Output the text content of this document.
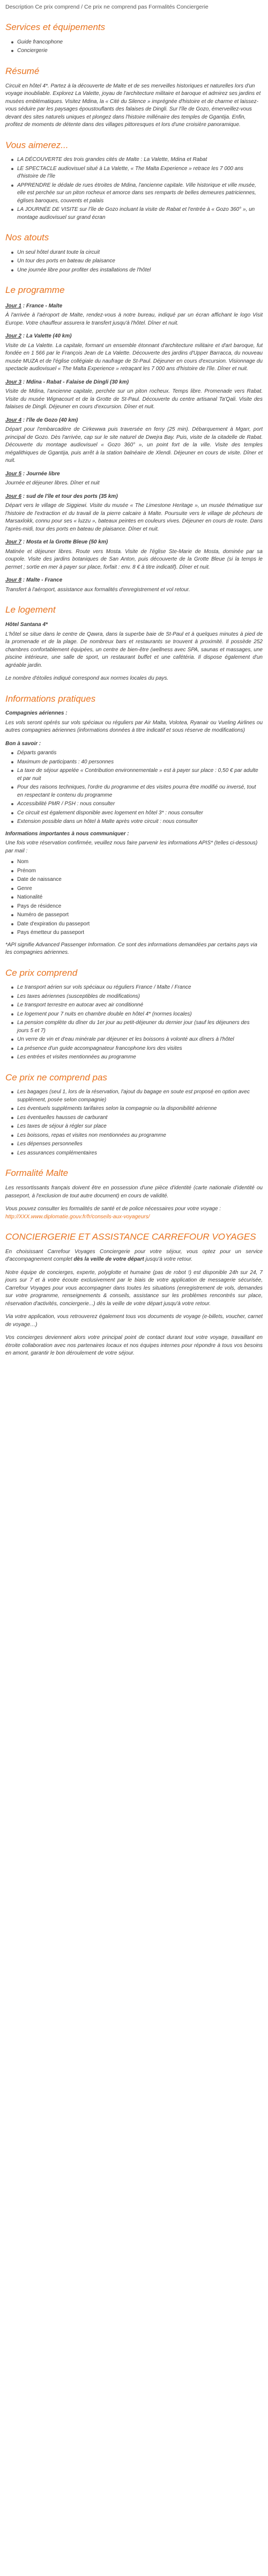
Description Ce prix comprend / Ce prix ne comprend pas Formalités Conciergerie

Services et équipements
Guide francophone
Conciergerie
Résumé

Circuit en hôtel 4*. Partez à la découverte de Malte et de ses merveilles historiques et naturelles lors d'un voyage inoubliable. Explorez La Valette, joyau de l'architecture militaire et baroque et admirez ses jardins et musées emblématiques. Visitez Mdina, la « Cité du Silence » imprégnée d'histoire et de charme et laissez-vous séduire par les paysages époustouflants des falaises de Dingli. Sur l'île de Gozo, émerveillez-vous devant des sites naturels uniques et plongez dans l'histoire millénaire des temples de Ggantija. Enfin, profitez de moments de détente dans des villages pittoresques et lors d'une croisière panoramique.

Vous aimerez...
LA DÉCOUVERTE des trois grandes cités de Malte : La Valette, Mdina et Rabat
LE SPECTACLE audiovisuel situé à La Valette, « The Malta Experience » retrace les 7 000 ans d'histoire de l'île
APPRENDRE le dédale de rues étroites de Mdina, l'ancienne capitale. Ville historique et ville musée, elle est perchée sur un piton rocheux et amorce dans ses remparts de belles demeures patriciennes, églises baroques, couvents et palais
LA JOURNÉE DE VISITE sur l'île de Gozo incluant la visite de Rabat et l'entrée à « Gozo 360° », un montage audiovisuel sur grand écran
Nos atouts
Un seul hôtel durant toute la circuit
Un tour des ports en bateau de plaisance
Une journée libre pour profiter des installations de l'hôtel
Le programme
Jour 1 : France - Malte

À l'arrivée à l'aéroport de Malte, rendez-vous à notre bureau, indiqué par un écran affichant le logo Visit Europe. Votre chauffeur assurera le transfert jusqu'à l'hôtel. Dîner et nuit.

Jour 2 : La Valette (40 km)

Visite de La Valette. La capitale, formant un ensemble étonnant d'architecture militaire et d'art baroque, fut fondée en 1 566 par le François Jean de La Valette. Découverte des jardins d'Upper Barracca, du nouveau musée MUZA et de l'église collégiale du naufrage de St-Paul. Déjeuner en cours d'excursion. Visionnage du spectacle audiovisuel « The Malta Experience » retraçant les 7 000 ans d'histoire de l'île. Dîner et nuit.

Jour 3 : Mdina - Rabat - Falaise de Dingli (30 km)

Visite de Mdina, l'ancienne capitale, perchée sur un piton rocheux. Temps libre. Promenade vers Rabat. Visite du musée Wignacourt et de la Grotte de St-Paul. Découverte du centre artisanal Ta'Qali. Visite des falaises de Dingli. Déjeuner en cours d'excursion. Dîner et nuit.

Jour 4 : l'île de Gozo (40 km)

Départ pour l'embarcadère de Cirkewwa puis traversée en ferry (25 min). Débarquement à Mgarr, port principal de Gozo. Dès l'arrivée, cap sur le site naturel de Dwejra Bay. Puis, visite de la citadelle de Rabat. Découverte du montage audiovisuel « Gozo 360° », un point fort de la ville. Visite des temples mégalithiques de Ggantija, puis arrêt à la station balnéaire de Xlendi. Déjeuner en cours de visite. Dîner et nuit.

Jour 5 : Journée libre

Journée et déjeuner libres. Dîner et nuit

Jour 6 : sud de l'île et tour des ports (35 km)

Départ vers le village de Siggiewi. Visite du musée « The Limestone Heritage », un musée thématique sur l'histoire de l'extraction et du travail de la pierre calcaire à Malte. Poursuite vers le village de pêcheurs de Marsaxlokk, connu pour ses « luzzu », bateaux peintes en couleurs vives. Déjeuner en cours de route. Dans l'après-midi, tour des ports en bateau de plaisance. Dîner et nuit.

Jour 7 : Mosta et la Grotte Bleue (50 km)

Matinée et déjeuner libres. Route vers Mosta. Visite de l'église Ste-Marie de Mosta, dominée par sa coupole. Visite des jardins botaniques de San Anton, puis découverte de la Grotte Bleue (si la temps le permet ; sortie en mer à payer sur place, forfait : env. 8 € à titre indicatif). Dîner et nuit.

Jour 8 : Malte - France

Transfert à l'aéroport, assistance aux formalités d'enregistrement et vol retour.

Le logement
Hôtel Santana 4*

L'hôtel se situe dans le centre de Qawra, dans la superbe baie de St-Paul et à quelques minutes à pied de la promenade et de la plage. De nombreux bars et restaurants se trouvent à proximité. Il possède 252 chambres confortablement équipées, un centre de bien-être (wellness avec SPA, saunas et massages, une piscine intérieure, une salle de sport, un restaurant buffet et une cafétéria. Il dispose également d'un agréable jardin.

Le nombre d'étoiles indiqué correspond aux normes locales du pays.

Informations pratiques
Compagnies aériennes :

Les vols seront opérés sur vols spéciaux ou réguliers par Air Malta, Volotea, Ryanair ou Vueling Airlines ou autres compagnies aériennes (informations données à titre indicatif et sous réserve de modifications)

Bon à savoir :
Départs garantis
Maximum de participants : 40 personnes
La taxe de séjour appelée « Contribution environnementale » est à payer sur place : 0,50 € par adulte et par nuit
Pour des raisons techniques, l'ordre du programme et des visites pourra être modifié ou inversé, tout en respectant le contenu du programme
Accessibilité PMR / PSH : nous consulter
Ce circuit est également disponible avec logement en hôtel 3* : nous consulter
Extension possible dans un hôtel à Malte après votre circuit : nous consulter
Informations importantes à nous communiquer :

Une fois votre réservation confirmée, veuillez nous faire parvenir les informations APIS* (telles ci-dessous) par mail :

Nom
Prénom
Date de naissance
Genre
Nationalité
Pays de résidence
Numéro de passeport
Date d'expiration du passeport
Pays émetteur du passeport

*API signifie Advanced Passenger Information. Ce sont des informations demandées par certains pays via les compagnies aériennes.

Ce prix comprend
Le transport aérien sur vols spéciaux ou réguliers France / Malte / France
Les taxes aériennes (susceptibles de modifications)
Le transport terrestre en autocar avec air conditionné
Le logement pour 7 nuits en chambre double en hôtel 4* (normes locales)
La pension complète du dîner du 1er jour au petit-déjeuner du dernier jour (sauf les déjeuners des jours 5 et 7)
Un verre de vin et d'eau minérale par déjeuner et les boissons à volonté aux dîners à l'hôtel
La présence d'un guide accompagnateur francophone lors des visites
Les entrées et visites mentionnées au programme
Ce prix ne comprend pas
Les bagages (seul 1, lors de la réservation, l'ajout du bagage en soute est proposé en option avec supplément, posée selon compagnie)
Les éventuels suppléments tarifaires selon la compagnie ou la disponibilité aérienne
Les éventuelles hausses de carburant
Les taxes de séjour à régler sur place
Les boissons, repas et visites non mentionnées au programme
Les dépenses personnelles
Les assurances complémentaires
Formalité Malte

Les ressortissants français doivent être en possession d'une pièce d'identité (carte nationale d'identité ou passeport, à l'exclusion de tout autre document) en cours de validité.

Vous pouvez consulter les formalités de santé et de police nécessaires pour votre voyage : http://XXX.www.diplomatie.gouv.fr/fr/conseils-aux-voyageurs/

CONCIERGERIE ET ASSISTANCE CARREFOUR VOYAGES

En choisissant Carrefour Voyages Conciergerie pour votre séjour, vous optez pour un service d'accompagnement complet dès la veille de votre départ jusqu'à votre retour.

Notre équipe de concierges, experte, polyglotte et humaine (pas de robot !) est disponible 24h sur 24, 7 jours sur 7 et à votre écoute exclusivement par le biais de votre application de messagerie sécurisée, Carrefour Voyages pour vous accompagner dans toutes les situations (enregistrement de vols, demandes sur votre programme, renseignements & conseils, assistance sur les problèmes rencontrés sur place, réservation d'activités, conciergerie...) dès la veille de votre départ jusqu'à votre retour.

Via votre application, vous retrouverez également tous vos documents de voyage (e-billets, voucher, carnet de voyage…)

Vos concierges deviennent alors votre principal point de contact durant tout votre voyage, travaillant en étroite collaboration avec nos partenaires locaux et nos équipes internes pour répondre à tous vos besoins en amont, garantir le bon déroulement de votre séjour.
